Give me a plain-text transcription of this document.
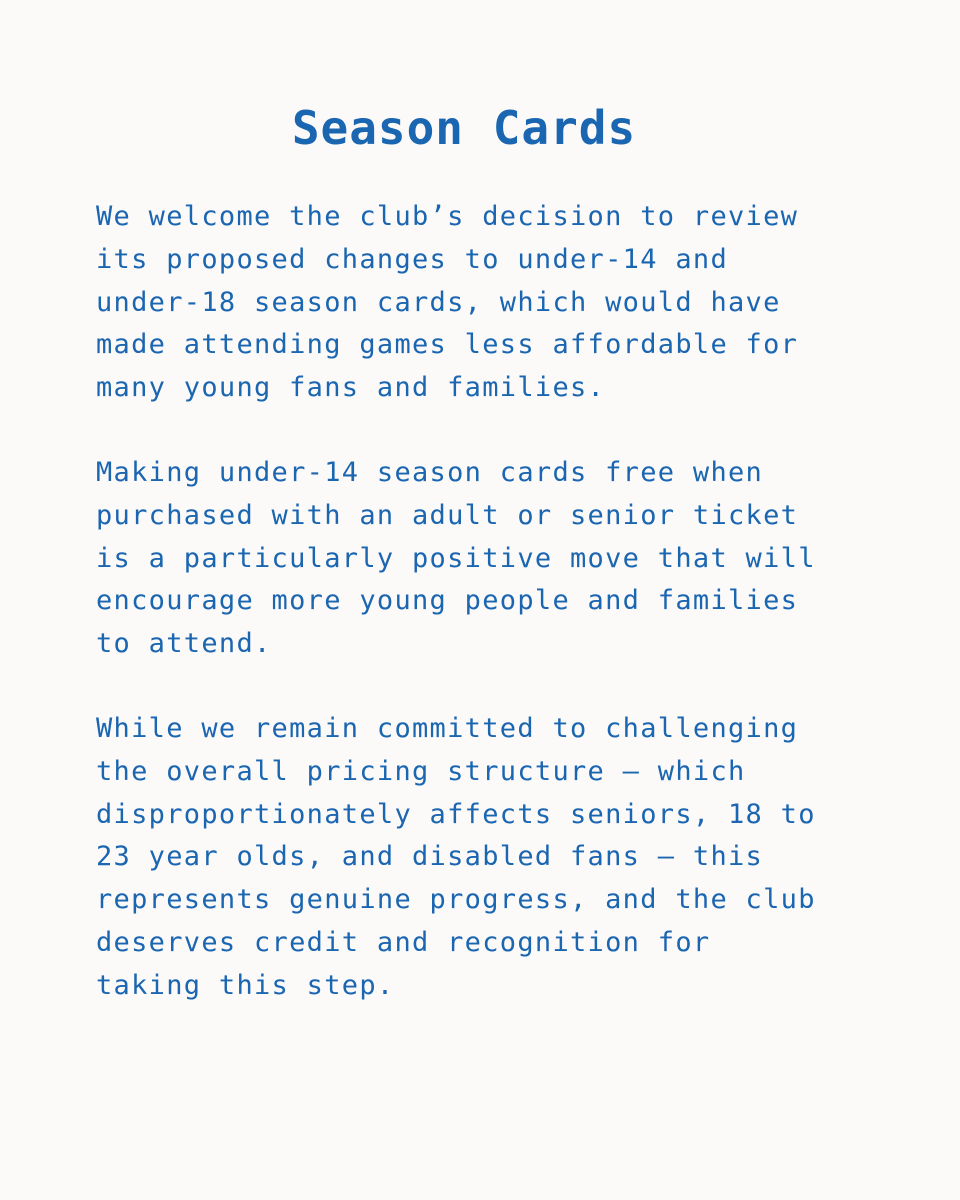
Season Cards

We welcome the club’s decision to review
its proposed changes to under-14 and
under-18 season cards, which would have
made attending games less affordable for
many young fans and families.

Making under-14 season cards free when
purchased with an adult or senior ticket
is a particularly positive move that will
encourage more young people and families
to attend.

While we remain committed to challenging
the overall pricing structure – which
disproportionately affects seniors, 18 to
23 year olds, and disabled fans – this
represents genuine progress, and the club
deserves credit and recognition for
taking this step.
